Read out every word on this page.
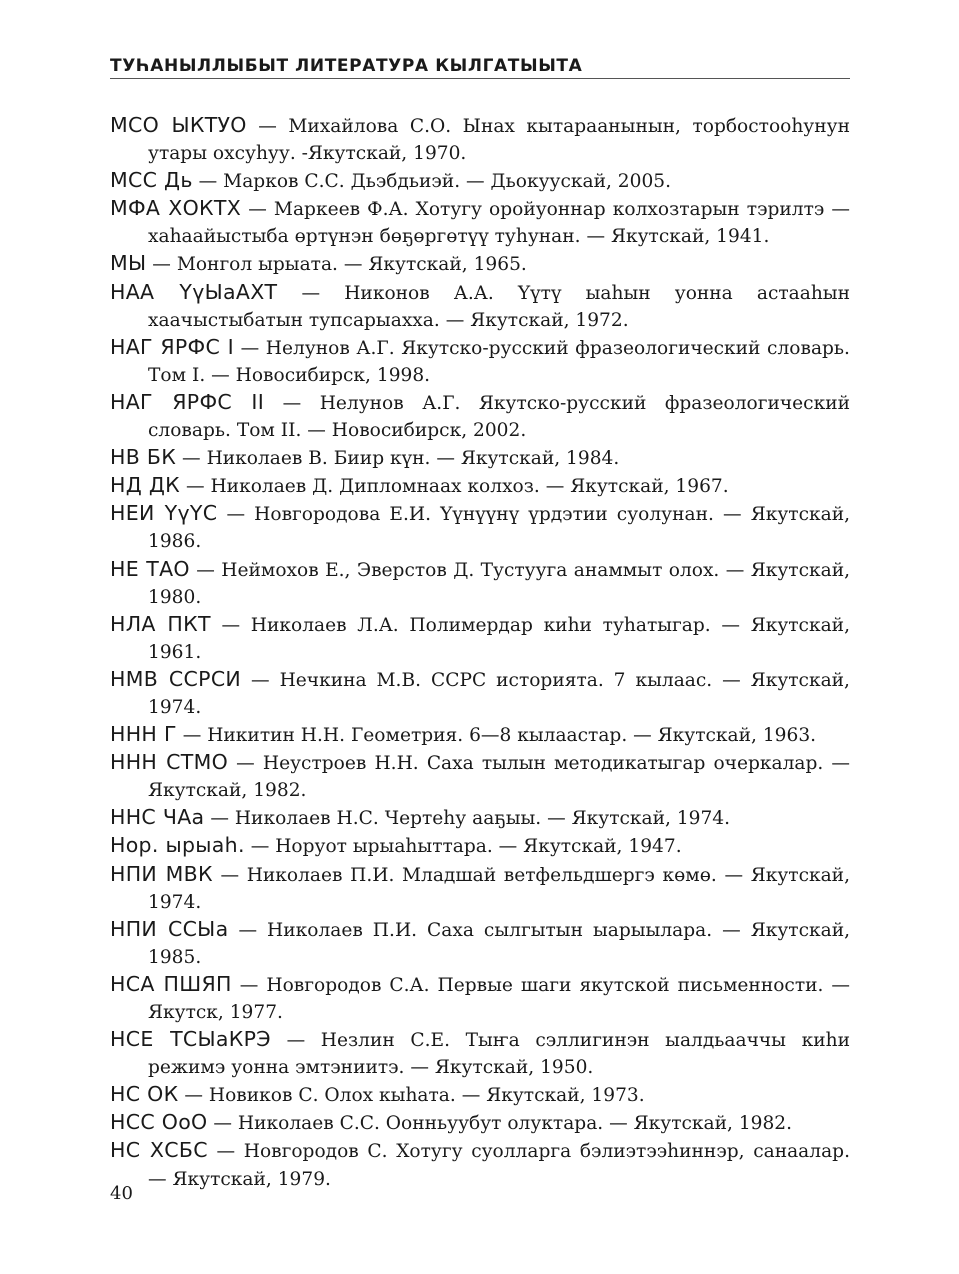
ТУҺАНЫЛЛЫБЫТ ЛИТЕРАТУРА КЫЛГАТЫЫТА
МСО ЫКТУО — Михайлова С.О. Ынах кытараанынын, торбостооһунун утары охсуһуу. -Якутскай, 1970.
МСС Дь — Марков С.С. Дьэбдьиэй. — Дьокуускай, 2005.
МФА ХОКТХ — Маркеев Ф.А. Хотугу оройуоннар колхозтарын тэрилтэ — хаһаайыстыба өртүнэн бөҕөргөтүү туһунан. — Якутскай, 1941.
МЫ — Монгол ырыата. — Якутскай, 1965.
НАА ҮүЫаАХТ — Никонов А.А. Үүтү ыаһын уонна астааһын хаачыстыбатын тупсарыахха. — Якутскай, 1972.
НАГ ЯРФС I — Нелунов А.Г. Якутско-русский фразеологический словарь. Том I. — Новосибирск, 1998.
НАГ ЯРФС II — Нелунов А.Г. Якутско-русский фразеологический словарь. Том II. — Новосибирск, 2002.
НВ БК — Николаев В. Биир күн. — Якутскай, 1984.
НД ДК — Николаев Д. Дипломнаах колхоз. — Якутскай, 1967.
НЕИ ҮүҮС — Новгородова Е.И. Үүнүүнү үрдэтии суолунан. — Якутскай, 1986.
НЕ ТАО — Неймохов Е., Эверстов Д. Тустууга анаммыт олох. — Якутскай, 1980.
НЛА ПКТ — Николаев Л.А. Полимердар киһи туһатыгар. — Якутскай, 1961.
НМВ ССРСИ — Нечкина М.В. ССРС историята. 7 кылаас. — Якутскай, 1974.
ННН Г — Никитин Н.Н. Геометрия. 6—8 кылаастар. — Якутскай, 1963.
ННН СТМО — Неустроев Н.Н. Саха тылын методикатыгар очеркалар. — Якутскай, 1982.
ННС ЧАа — Николаев Н.С. Чертеһу ааҕыы. — Якутскай, 1974.
Нор. ырыаh. — Норуот ырыаһыттара. — Якутскай, 1947.
НПИ МВК — Николаев П.И. Младшай ветфельдшергэ көмө. — Якутскай, 1974.
НПИ ССЫа — Николаев П.И. Саха сылгытын ыарыылара. — Якутскай, 1985.
НСА ПШЯП — Новгородов С.А. Первые шаги якутской письменности. — Якутск, 1977.
НСЕ ТСЫаКРЭ — Незлин С.Е. Тыҥа сэллигинэн ыалдьааччы киһи режимэ уонна эмтэниитэ. — Якутскай, 1950.
НС ОК — Новиков С. Олох кыһата. — Якутскай, 1973.
НСС ОоО — Николаев С.С. Оонньуубут олуктара. — Якутскай, 1982.
НС ХСБС — Новгородов С. Хотугу суолларга бэлиэтээһиннэр, санаалар. — Якутскай, 1979.
40
